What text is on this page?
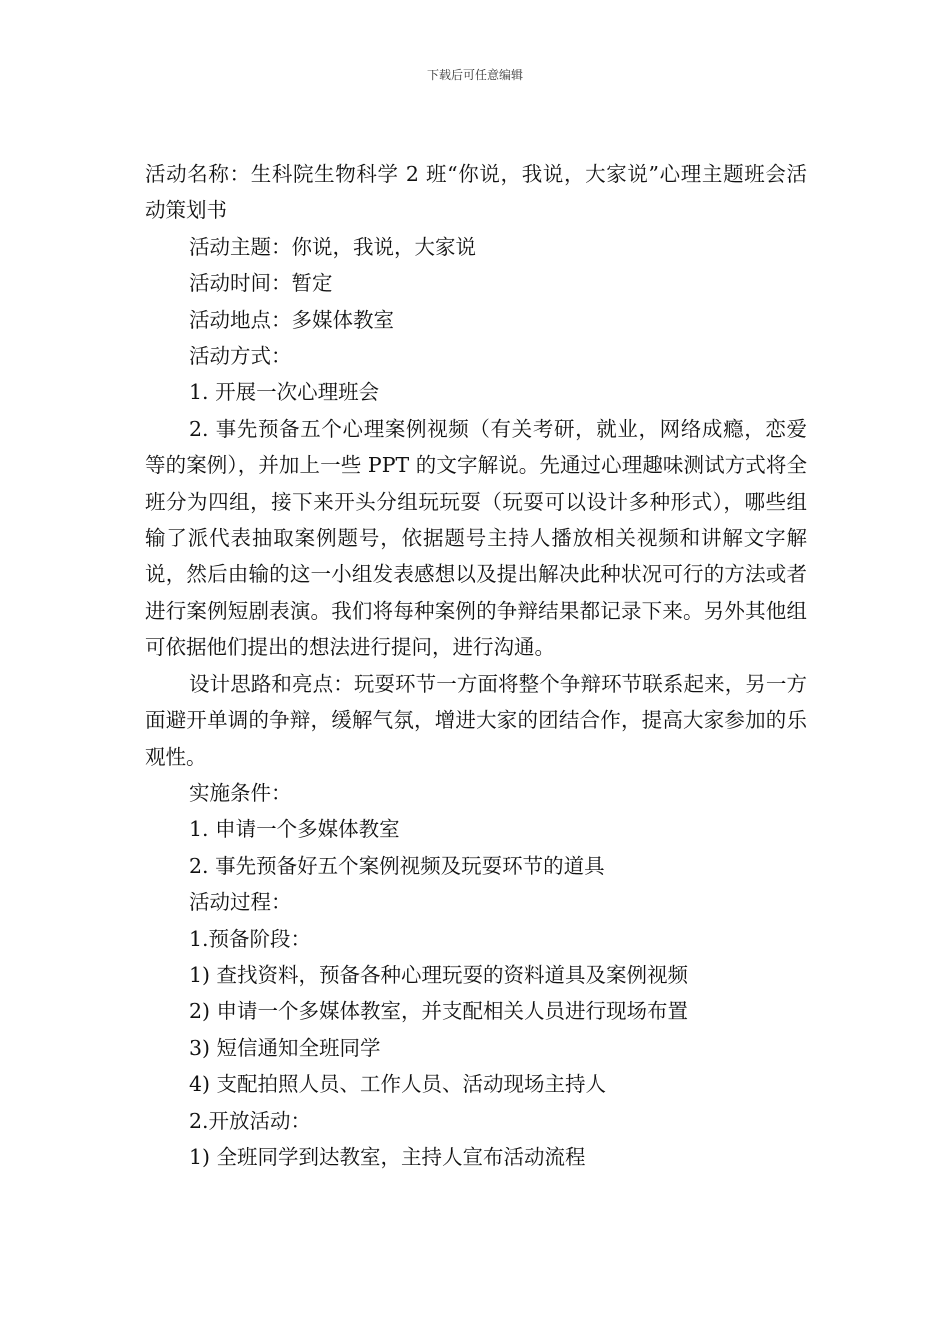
下载后可任意编辑

活动名称：生科院生物科学 2 班“你说，我说，大家说”心理主题班会活动策划书

活动主题：你说，我说，大家说

活动时间：暂定

活动地点：多媒体教室

活动方式：

1. 开展一次心理班会

2. 事先预备五个心理案例视频（有关考研，就业，网络成瘾，恋爱等的案例），并加上一些 PPT 的文字解说。先通过心理趣味测试方式将全班分为四组，接下来开头分组玩玩耍（玩耍可以设计多种形式），哪些组输了派代表抽取案例题号，依据题号主持人播放相关视频和讲解文字解说，然后由输的这一小组发表感想以及提出解决此种状况可行的方法或者进行案例短剧表演。我们将每种案例的争辩结果都记录下来。另外其他组可依据他们提出的想法进行提问，进行沟通。

设计思路和亮点：玩耍环节一方面将整个争辩环节联系起来，另一方面避开单调的争辩，缓解气氛，增进大家的团结合作，提高大家参加的乐观性。

实施条件：

1. 申请一个多媒体教室

2. 事先预备好五个案例视频及玩耍环节的道具

活动过程：

1.预备阶段：

1) 查找资料，预备各种心理玩耍的资料道具及案例视频

2) 申请一个多媒体教室，并支配相关人员进行现场布置

3) 短信通知全班同学

4) 支配拍照人员、工作人员、活动现场主持人

2.开放活动：

1) 全班同学到达教室，主持人宣布活动流程
